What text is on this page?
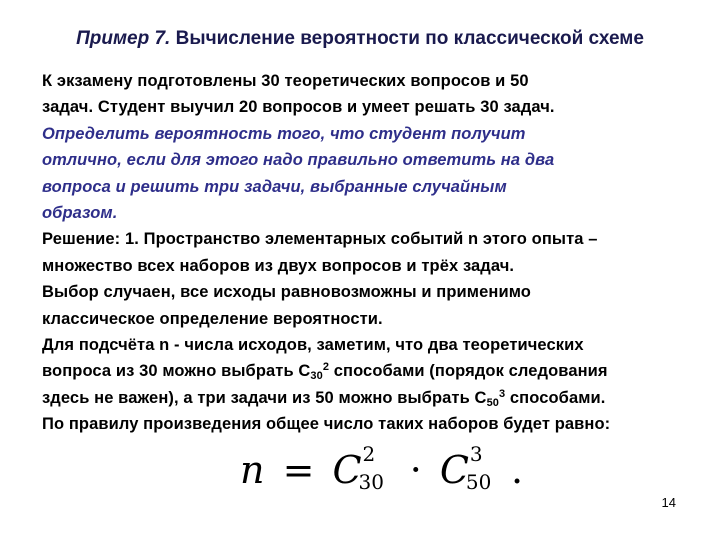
Пример 7. Вычисление вероятности по классической схеме
К экзамену подготовлены 30 теоретических вопросов и 50
задач. Студент выучил 20 вопросов и умеет решать 30 задач.
Определить вероятность того, что студент получит
отлично, если для этого надо правильно ответить на два
вопроса и решить три задачи, выбранные случайным
образом.
Решение: 1. Пространство элементарных событий n этого опыта –
множество всех наборов из двух вопросов и трёх задач.
Выбор случаен, все исходы равновозможны и применимо
классическое определение вероятности.
Для подсчёта n - числа исходов, заметим, что два теоретических
вопроса из 30 можно выбрать $С_{30}^2$ способами (порядок следования
здесь не важен), а три задачи из 50 можно выбрать $С_{50}^3$ способами.
По правилу произведения общее число таких наборов будет равно:
n = C 2
30 · C 3
50 .
14
